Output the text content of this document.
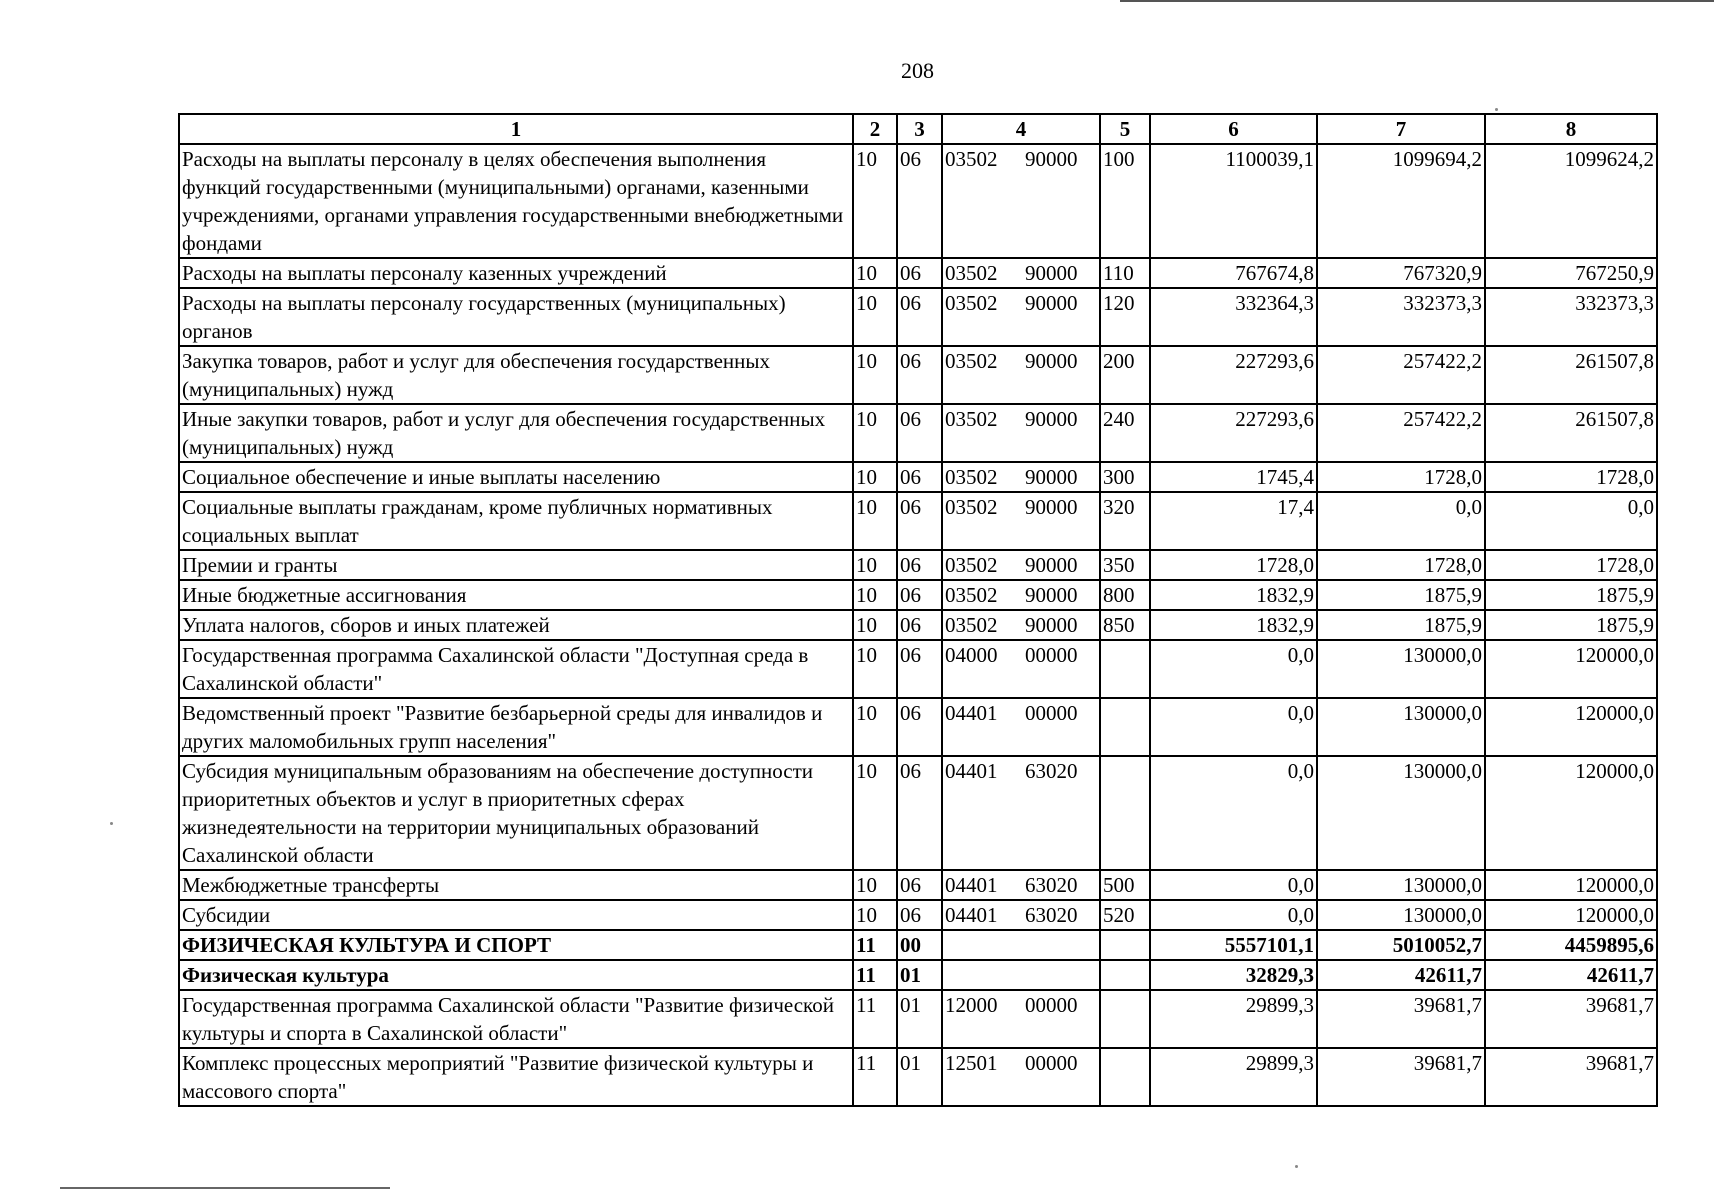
208
1	2	3	4	5	6	7	8
Расходы на выплаты персоналу в целях обеспечения выполнения функций государственными (муниципальными) органами, казенными учреждениями, органами управления государственными внебюджетными фондами	10	06	03502 90000	100	1100039,1	1099694,2	1099624,2
Расходы на выплаты персоналу казенных учреждений	10	06	03502 90000	110	767674,8	767320,9	767250,9
Расходы на выплаты персоналу государственных (муниципальных) органов	10	06	03502 90000	120	332364,3	332373,3	332373,3
Закупка товаров, работ и услуг для обеспечения государственных (муниципальных) нужд	10	06	03502 90000	200	227293,6	257422,2	261507,8
Иные закупки товаров, работ и услуг для обеспечения государственных (муниципальных) нужд	10	06	03502 90000	240	227293,6	257422,2	261507,8
Социальное обеспечение и иные выплаты населению	10	06	03502 90000	300	1745,4	1728,0	1728,0
Социальные выплаты гражданам, кроме публичных нормативных социальных выплат	10	06	03502 90000	320	17,4	0,0	0,0
Премии и гранты	10	06	03502 90000	350	1728,0	1728,0	1728,0
Иные бюджетные ассигнования	10	06	03502 90000	800	1832,9	1875,9	1875,9
Уплата налогов, сборов и иных платежей	10	06	03502 90000	850	1832,9	1875,9	1875,9
Государственная программа Сахалинской области "Доступная среда в Сахалинской области"	10	06	04000 00000		0,0	130000,0	120000,0
Ведомственный проект "Развитие безбарьерной среды для инвалидов и других маломобильных групп населения"	10	06	04401 00000		0,0	130000,0	120000,0
Субсидия муниципальным образованиям на обеспечение доступности приоритетных объектов и услуг в приоритетных сферах жизнедеятельности на территории муниципальных образований Сахалинской области	10	06	04401 63020		0,0	130000,0	120000,0
Межбюджетные трансферты	10	06	04401 63020	500	0,0	130000,0	120000,0
Субсидии	10	06	04401 63020	520	0,0	130000,0	120000,0
ФИЗИЧЕСКАЯ КУЛЬТУРА И СПОРТ	11	00			5557101,1	5010052,7	4459895,6
Физическая культура	11	01			32829,3	42611,7	42611,7
Государственная программа Сахалинской области "Развитие физической культуры и спорта в Сахалинской области"	11	01	12000 00000		29899,3	39681,7	39681,7
Комплекс процессных мероприятий "Развитие физической культуры и массового спорта"	11	01	12501 00000		29899,3	39681,7	39681,7
